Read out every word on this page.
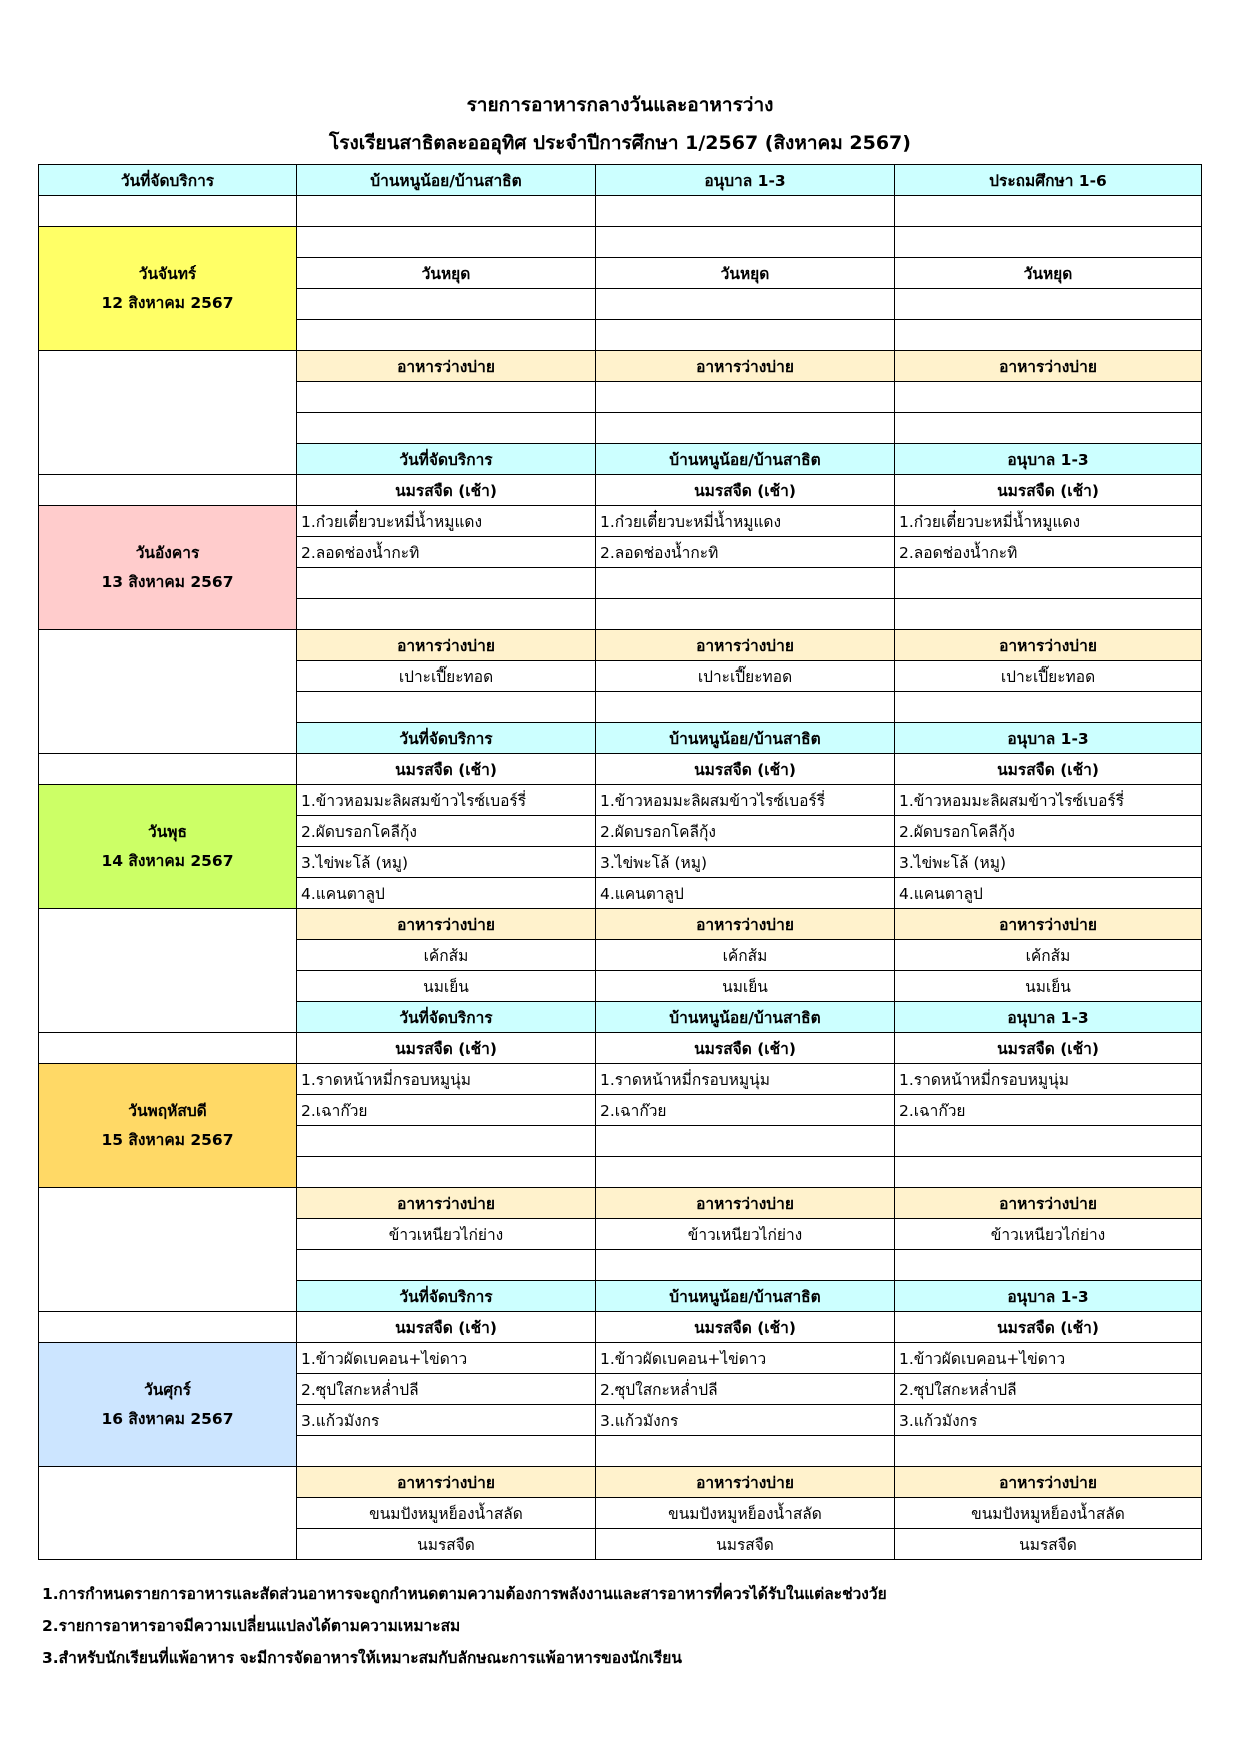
รายการอาหารกลางวันและอาหารว่าง
โรงเรียนสาธิตละอออุทิศ ประจำปีการศึกษา 1/2567 (สิงหาคม 2567)
วันที่จัดบริการ	บ้านหนูน้อย/บ้านสาธิต	อนุบาล 1-3	ประถมศึกษา 1-6	

วันจันทร์
12 สิงหาคม 2567				

	วันหยุด	วันหยุด	วันหยุด	

	อาหารว่างบ่าย	อาหารว่างบ่าย	อาหารว่างบ่าย	

	วันที่จัดบริการ	บ้านหนูน้อย/บ้านสาธิต	อนุบาล 1-3	
	นมรสจืด (เช้า)	นมรสจืด (เช้า)	นมรสจืด (เช้า)	

วันอังคาร
13 สิงหาคม 2567	1.ก๋วยเตี๋ยวบะหมี่น้ำหมูแดง	1.ก๋วยเตี๋ยวบะหมี่น้ำหมูแดง	1.ก๋วยเตี๋ยวบะหมี่น้ำหมูแดง	
	2.ลอดช่องน้ำกะทิ	2.ลอดช่องน้ำกะทิ	2.ลอดช่องน้ำกะทิ	

	อาหารว่างบ่าย	อาหารว่างบ่าย	อาหารว่างบ่าย	
	เปาะเปี๊ยะทอด	เปาะเปี๊ยะทอด	เปาะเปี๊ยะทอด	

	วันที่จัดบริการ	บ้านหนูน้อย/บ้านสาธิต	อนุบาล 1-3	
	นมรสจืด (เช้า)	นมรสจืด (เช้า)	นมรสจืด (เช้า)	

วันพุธ
14 สิงหาคม 2567	1.ข้าวหอมมะลิผสมข้าวไรซ์เบอร์รี่	1.ข้าวหอมมะลิผสมข้าวไรซ์เบอร์รี่	1.ข้าวหอมมะลิผสมข้าวไรซ์เบอร์รี่	
	2.ผัดบรอกโคลีกุ้ง	2.ผัดบรอกโคลีกุ้ง	2.ผัดบรอกโคลีกุ้ง	
	3.ไข่พะโล้ (หมู)	3.ไข่พะโล้ (หมู)	3.ไข่พะโล้ (หมู)	
	4.แคนตาลูป	4.แคนตาลูป	4.แคนตาลูป	
	อาหารว่างบ่าย	อาหารว่างบ่าย	อาหารว่างบ่าย	
	เค้กส้ม	เค้กส้ม	เค้กส้ม	
	นมเย็น	นมเย็น	นมเย็น	
	วันที่จัดบริการ	บ้านหนูน้อย/บ้านสาธิต	อนุบาล 1-3	
	นมรสจืด (เช้า)	นมรสจืด (เช้า)	นมรสจืด (เช้า)	

วันพฤหัสบดี
15 สิงหาคม 2567	1.ราดหน้าหมี่กรอบหมูนุ่ม	1.ราดหน้าหมี่กรอบหมูนุ่ม	1.ราดหน้าหมี่กรอบหมูนุ่ม	
	2.เฉาก๊วย	2.เฉาก๊วย	2.เฉาก๊วย	

	อาหารว่างบ่าย	อาหารว่างบ่าย	อาหารว่างบ่าย	
	ข้าวเหนียวไก่ย่าง	ข้าวเหนียวไก่ย่าง	ข้าวเหนียวไก่ย่าง	

	วันที่จัดบริการ	บ้านหนูน้อย/บ้านสาธิต	อนุบาล 1-3	
	นมรสจืด (เช้า)	นมรสจืด (เช้า)	นมรสจืด (เช้า)	

วันศุกร์
16 สิงหาคม 2567	1.ข้าวผัดเบคอน+ไข่ดาว	1.ข้าวผัดเบคอน+ไข่ดาว	1.ข้าวผัดเบคอน+ไข่ดาว	
	2.ซุปใสกะหล่ำปลี	2.ซุปใสกะหล่ำปลี	2.ซุปใสกะหล่ำปลี	
	3.แก้วมังกร	3.แก้วมังกร	3.แก้วมังกร	

	อาหารว่างบ่าย	อาหารว่างบ่าย	อาหารว่างบ่าย	
	ขนมปังหมูหย็องน้ำสลัด	ขนมปังหมูหย็องน้ำสลัด	ขนมปังหมูหย็องน้ำสลัด	
	นมรสจืด	นมรสจืด	นมรสจืด	
1.การกำหนดรายการอาหารและสัดส่วนอาหารจะถูกกำหนดตามความต้องการพลังงานและสารอาหารที่ควรได้รับในแต่ละช่วงวัย
2.รายการอาหารอาจมีความเปลี่ยนแปลงได้ตามความเหมาะสม
3.สำหรับนักเรียนที่แพ้อาหาร จะมีการจัดอาหารให้เหมาะสมกับลักษณะการแพ้อาหารของนักเรียน
